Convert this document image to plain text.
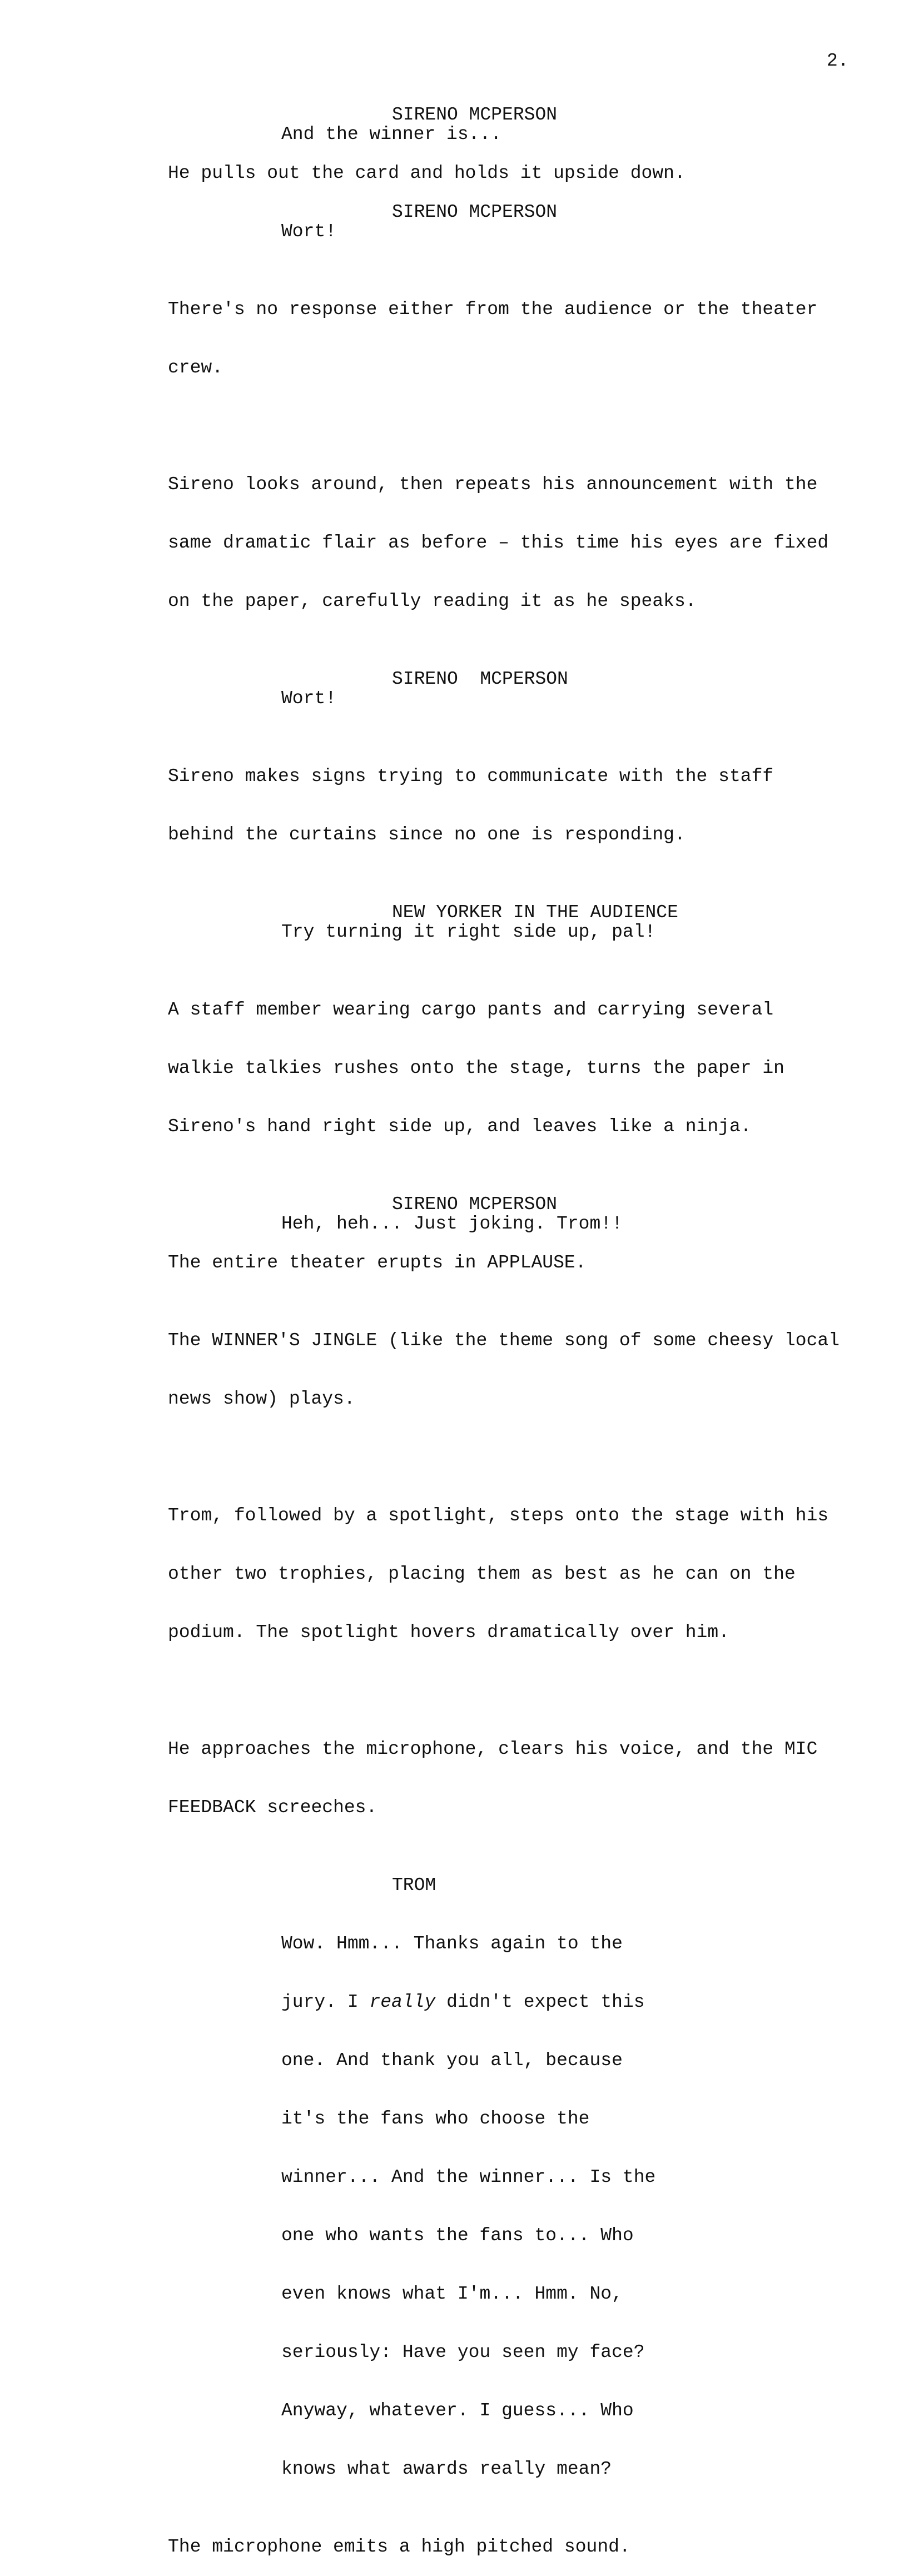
2.
SIRENO MCPERSON
And the winner is...
He pulls out the card and holds it upside down.
SIRENO MCPERSON
Wort!

There's no response either from the audience or the theater

crew.

Sireno looks around, then repeats his announcement with the

same dramatic flair as before – this time his eyes are fixed

on the paper, carefully reading it as he speaks.

SIRENO  MCPERSON
Wort!

Sireno makes signs trying to communicate with the staff

behind the curtains since no one is responding.

NEW YORKER IN THE AUDIENCE
Try turning it right side up, pal!

A staff member wearing cargo pants and carrying several

walkie talkies rushes onto the stage, turns the paper in

Sireno's hand right side up, and leaves like a ninja.

SIRENO MCPERSON
Heh, heh... Just joking. Trom!!
The entire theater erupts in APPLAUSE.

The WINNER'S JINGLE (like the theme song of some cheesy local

news show) plays.

Trom, followed by a spotlight, steps onto the stage with his

other two trophies, placing them as best as he can on the

podium. The spotlight hovers dramatically over him.

He approaches the microphone, clears his voice, and the MIC

FEEDBACK screeches.

TROM

Wow. Hmm... Thanks again to the

jury. I really didn't expect this

one. And thank you all, because

it's the fans who choose the

winner... And the winner... Is the

one who wants the fans to... Who

even knows what I'm... Hmm. No,

seriously: Have you seen my face?

Anyway, whatever. I guess... Who

knows what awards really mean?

The microphone emits a high pitched sound.
